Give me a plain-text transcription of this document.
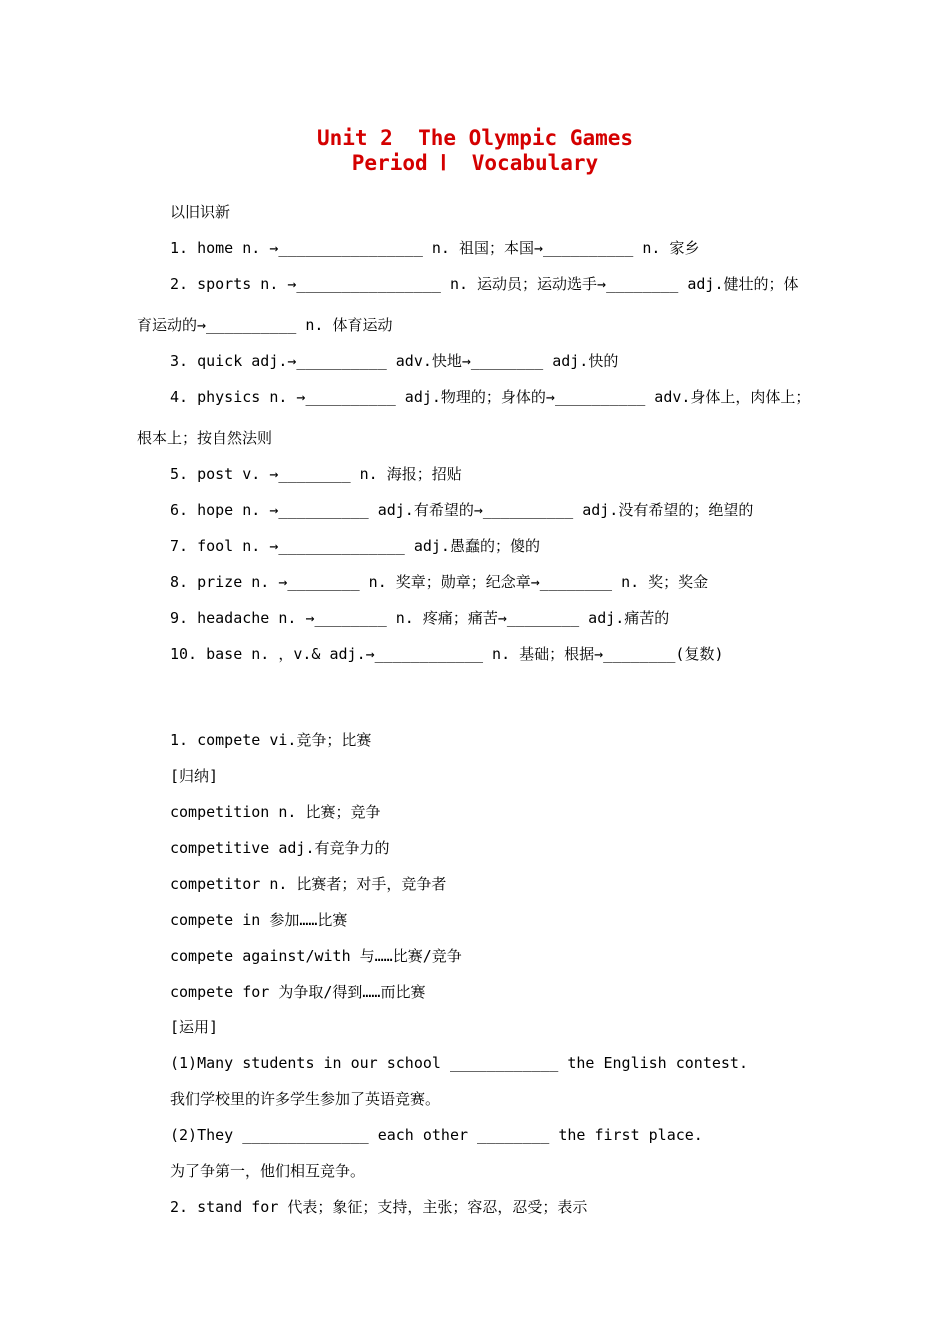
Unit 2  The Olympic Games
Period Ⅰ  Vocabulary
以旧识新
1. home n. →________________ n. 祖国；本国→__________ n. 家乡
2. sports n. →________________ n. 运动员；运动选手→________ adj.健壮的；体
育运动的→__________ n. 体育运动
3. quick adj.→__________ adv.快地→________ adj.快的
4. physics n. →__________ adj.物理的；身体的→__________ adv.身体上，肉体上；
根本上；按自然法则
5. post v. →________ n. 海报；招贴
6. hope n. →__________ adj.有希望的→__________ adj.没有希望的；绝望的
7. fool n. →______________ adj.愚蠢的；傻的
8. prize n. →________ n. 奖章；勋章；纪念章→________ n. 奖；奖金
9. headache n. →________ n. 疼痛；痛苦→________ adj.痛苦的
10. base n. ，v.& adj.→____________ n. 基础；根据→________(复数)
1. compete vi.竞争；比赛
[归纳]
competition n. 比赛；竞争
competitive adj.有竞争力的
competitor n. 比赛者；对手，竞争者
compete in 参加……比赛
compete against/with 与……比赛/竞争
compete for 为争取/得到……而比赛
[运用]
(1)Many students in our school ____________ the English contest.
我们学校里的许多学生参加了英语竞赛。
(2)They ______________ each other ________ the first place.
为了争第一，他们相互竞争。
2. stand for 代表；象征；支持，主张；容忍，忍受；表示
